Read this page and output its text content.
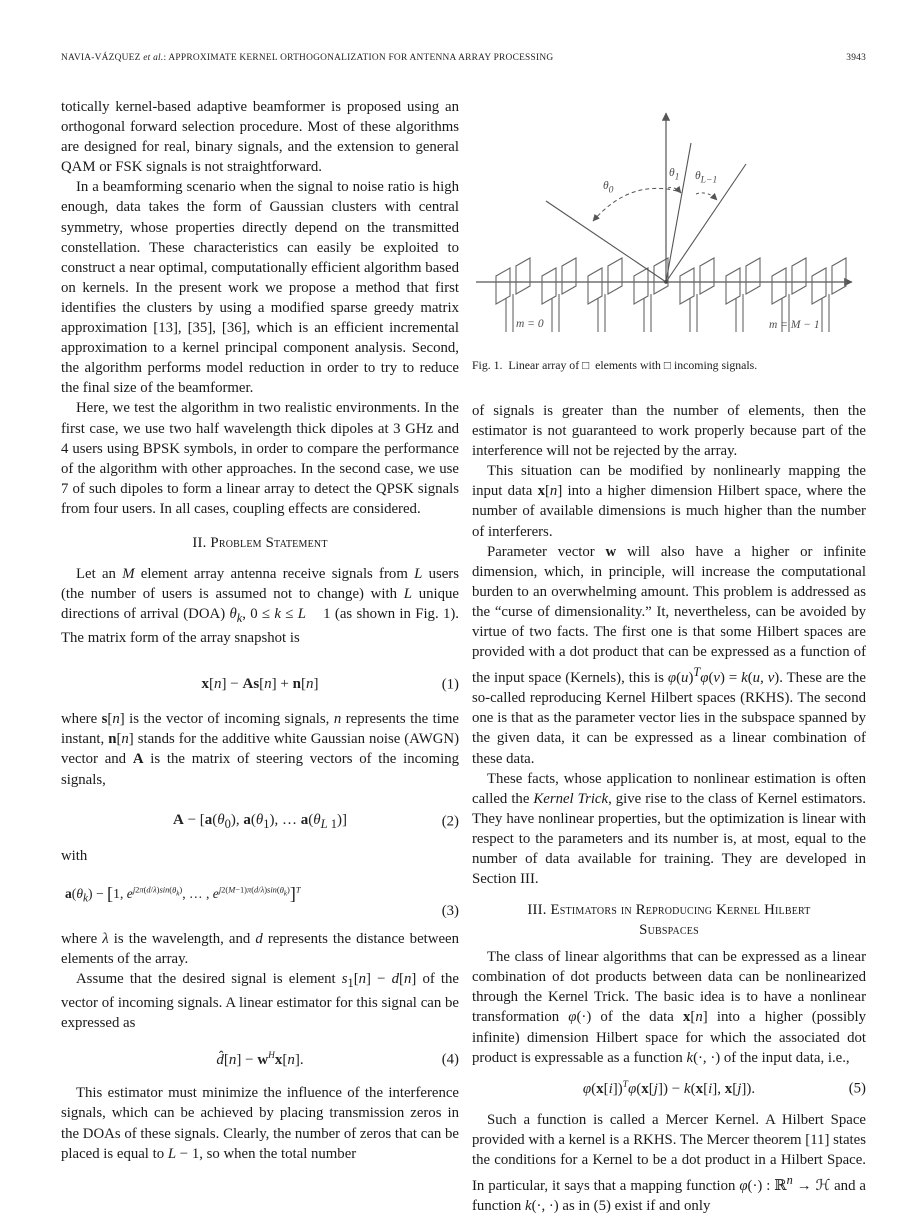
NAVIA-VÁZQUEZ et al.: APPROXIMATE KERNEL ORTHOGONALIZATION FOR ANTENNA ARRAY PROCESSING	3943

totically kernel-based adaptive beamformer is proposed using an orthogonal forward selection procedure. Most of these algorithms are designed for real, binary signals, and the extension to general QAM or FSK signals is not straightforward.

In a beamforming scenario when the signal to noise ratio is high enough, data takes the form of Gaussian clusters with central symmetry, whose properties directly depend on the transmitted constellation. These characteristics can easily be exploited to construct a near optimal, computationally efficient algorithm based on kernels. In the present work we propose a method that first identifies the clusters by using a modified sparse greedy matrix approximation [13], [35], [36], which is an efficient incremental approximation to a kernel principal component analysis. Second, the algorithm performs model reduction in order to try to reduce the final size of the beamformer.

Here, we test the algorithm in two realistic environments. In the first case, we use two half wavelength thick dipoles at 3 GHz and 4 users using BPSK symbols, in order to compare the performance of the algorithm with other approaches. In the second case, we use 7 of such dipoles to form a linear array to detect the QPSK signals from four users. In all cases, coupling effects are considered.

II. Problem Statement

Let an M element array antenna receive signals from L users (the number of users is assumed not to change) with L unique directions of arrival (DOA) $\theta_k$, 0 ≤ k ≤ L    1 (as shown in Fig. 1). The matrix form of the array snapshot is

x[n] − As[n] + n[n]	(1)

where s[n] is the vector of incoming signals, n represents the time instant, n[n] stands for the additive white Gaussian noise (AWGN) vector and A is the matrix of steering vectors of the incoming signals,

$A - [a(\theta_0)$, $a(\theta_1)$, … $a(\theta_{L 1})$]	(2)
with
$a(\theta_k) - [1$, $e^{j2\pi(d/\lambda)sin(\theta_k)}$, … , $e^{j2(M-1)\pi(d/\lambda)sin(\theta_k)}]^T$
(3)

where λ is the wavelength, and d represents the distance between elements of the array.

Assume that the desired signal is element $s_1[n] - d[n]$ of the vector of incoming signals. A linear estimator for this signal can be expressed as

d̂[n] − $w^Hx[n]$.	(4)

This estimator must minimize the influence of the interference signals, which can be achieved by placing transmission zeros in the DOAs of these signals. Clearly, the number of zeros that can be placed is equal to L − 1, so when the total number

$\theta_0$
$\theta_1$ $\theta_{L-1}$
m = 0	m = M − 1
Fig. 1.  Linear array of □  elements with □ incoming signals.

of signals is greater than the number of elements, then the estimator is not guaranteed to work properly because part of the interference will not be rejected by the array.

This situation can be modified by nonlinearly mapping the input data x[n] into a higher dimension Hilbert space, where the number of available dimensions is much higher than the number of interferers.

Parameter vector w will also have a higher or infinite dimension, which, in principle, will increase the computational burden to an overwhelming amount. This problem is addressed as the “curse of dimensionality.” It, nevertheless, can be avoided by virtue of two facts. The first one is that some Hilbert spaces are provided with a dot product that can be expressed as a function of the input space (Kernels), this is $\varphi(u)^T\varphi(v) = k(u$, v). These are the so-called reproducing Kernel Hilbert spaces (RKHS). The second one is that as the parameter vector lies in the subspace spanned by the given data, it can be expressed as a linear combination of these data.

These facts, whose application to nonlinear estimation is often called the Kernel Trick, give rise to the class of Kernel estimators. They have nonlinear properties, but the optimization is linear with respect to the parameters and its number is, at most, equal to the number of data available for training. They are developed in Section III.

III. Estimators in Reproducing Kernel Hilbert Subspaces

The class of linear algorithms that can be expressed as a linear combination of dot products between data can be nonlinearized through the Kernel Trick. The basic idea is to have a nonlinear transformation φ(·) of the data x[n] into a higher (possibly infinite) dimension Hilbert space for which the associated dot product is expressable as a function k(·, ·) of the input data, i.e.,

$\varphi(x[i])^T\varphi(x[j]) - k(x[i]$, x[j]).	(5)

Such a function is called a Mercer Kernel. A Hilbert Space provided with a kernel is a RKHS. The Mercer theorem [11] states the conditions for a Kernel to be a dot product in a Hilbert Space. In particular, it says that a mapping function φ(·) : ℝ$^n$ → ℋ and a function k(·, ·) as in (5) exist if and only
